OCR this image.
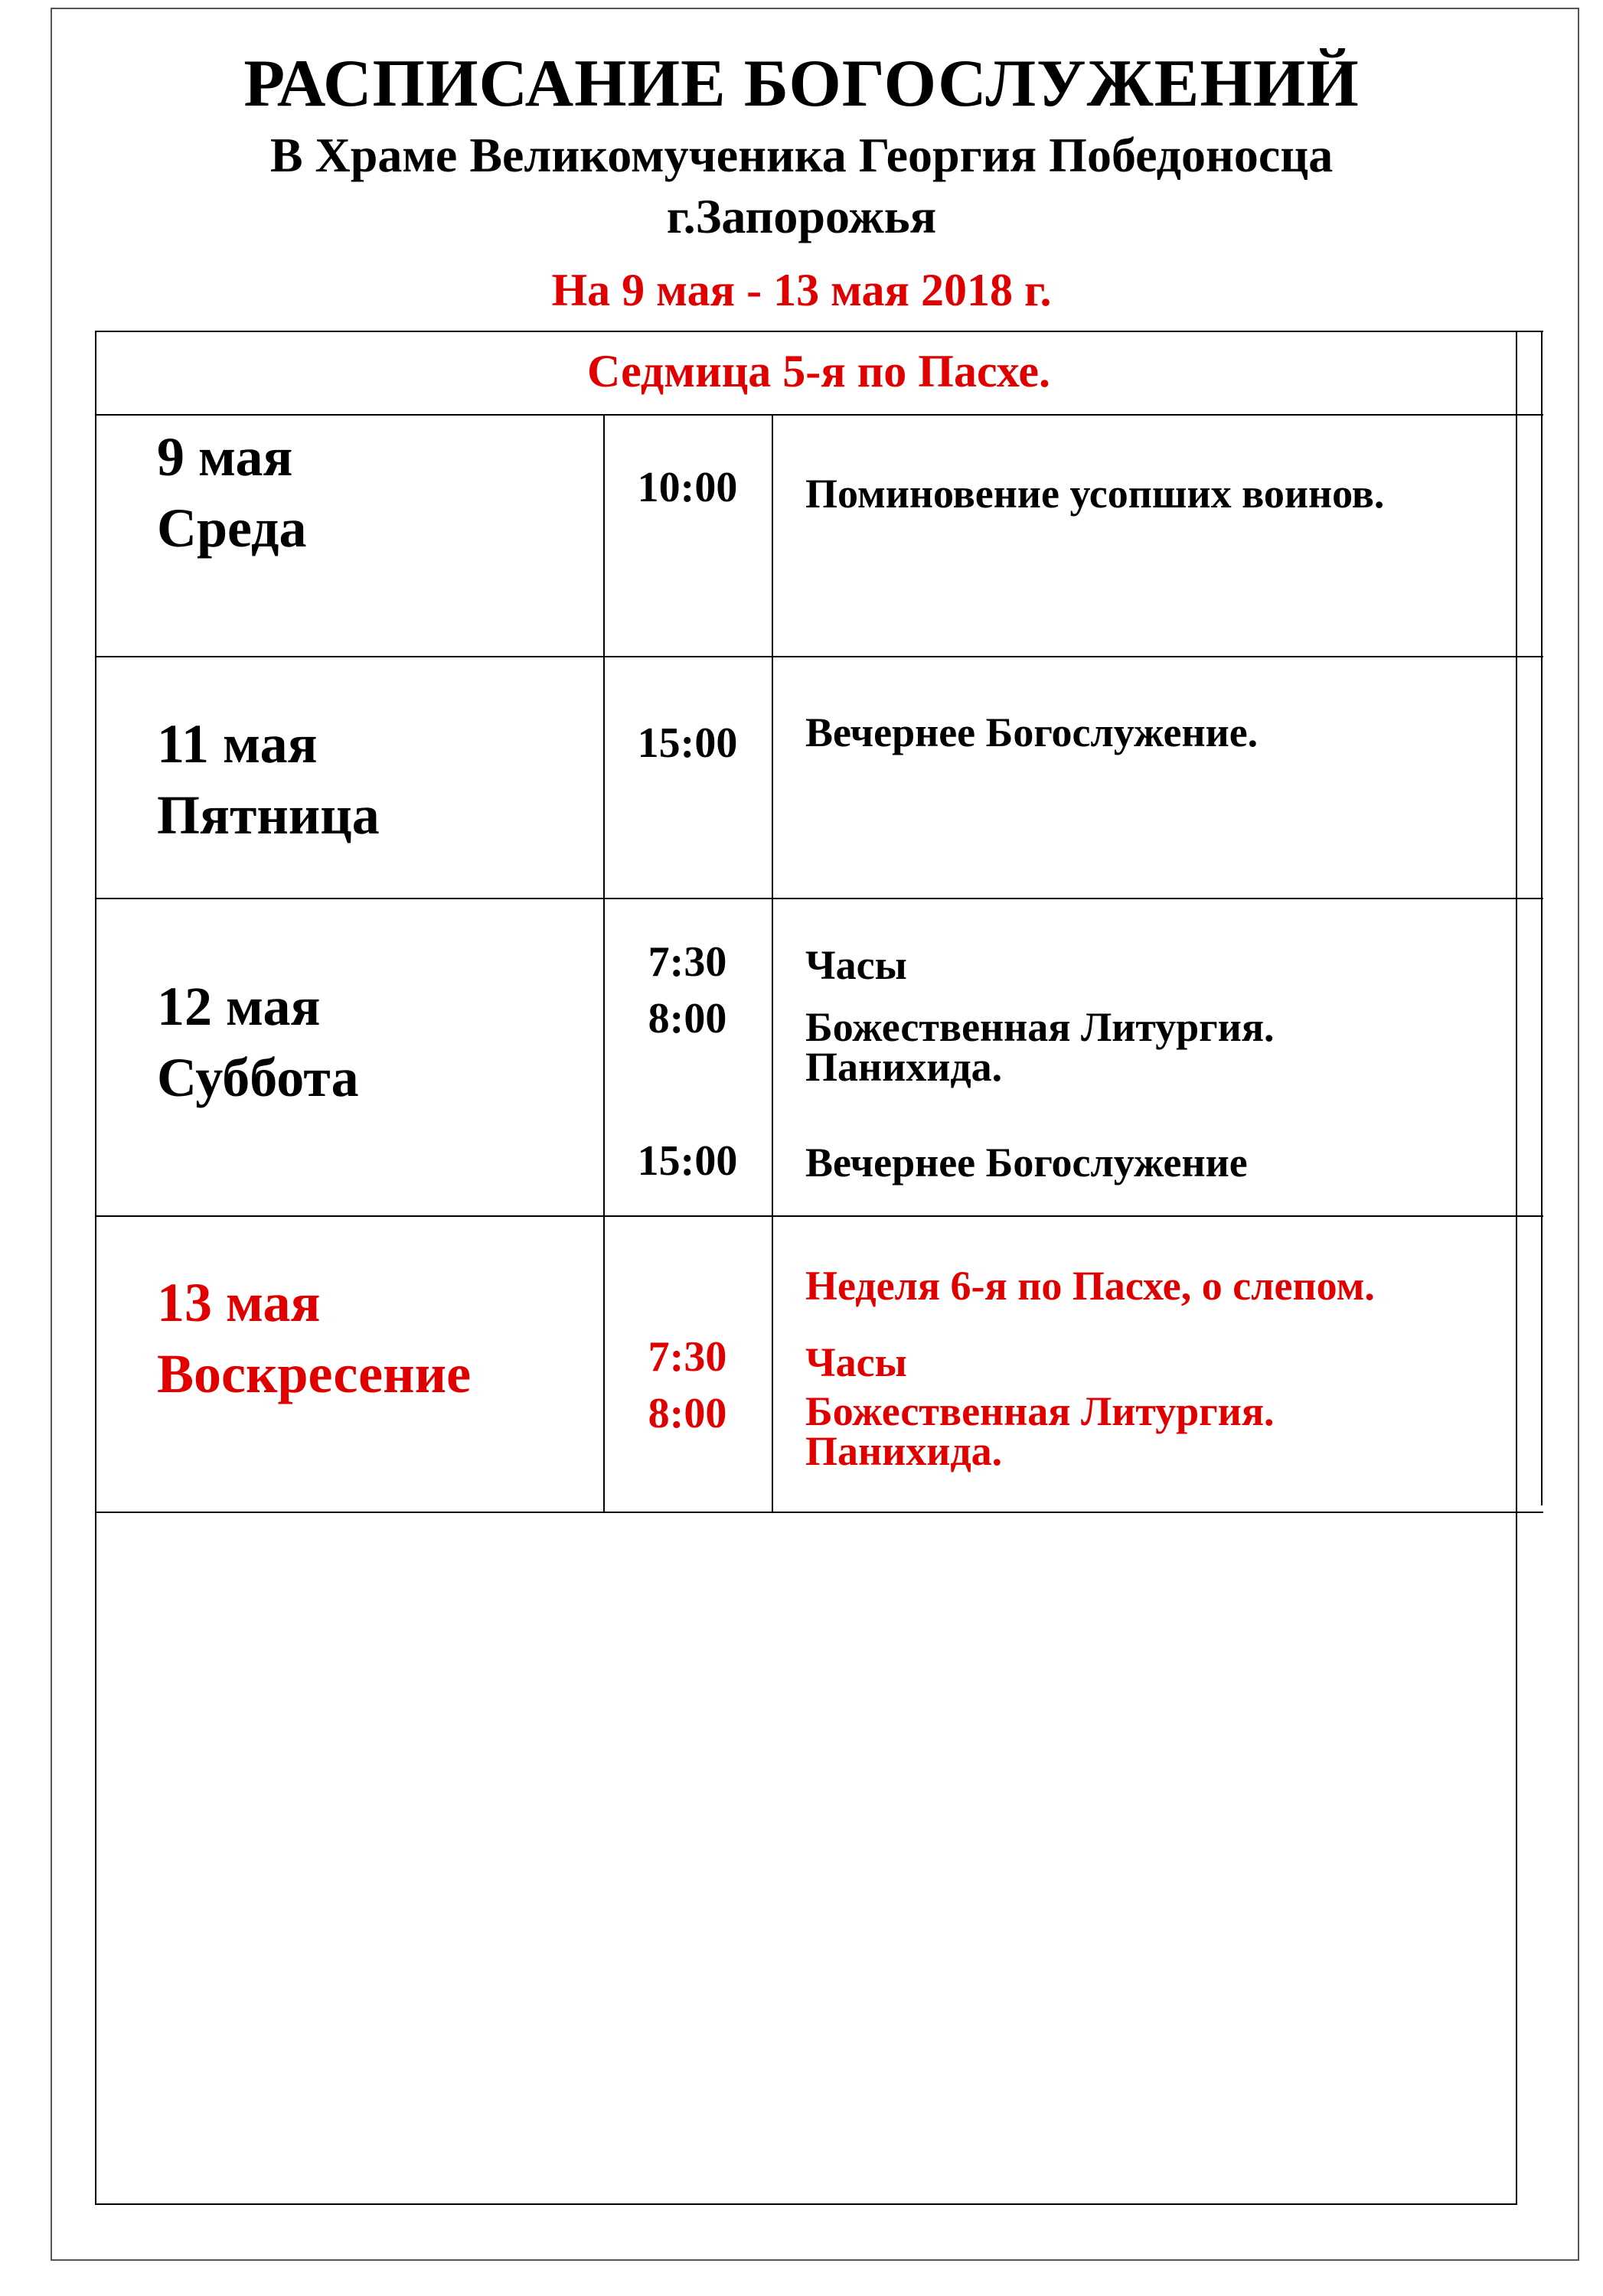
РАСПИСАНИЕ БОГОСЛУЖЕНИЙ
В Храме Великомученика Георгия Победоносца
г.Запорожья
На 9 мая - 13 мая 2018 г.
Седмица 5-я по Пасхе.
9 мая
Среда
10:00	Поминовение усопших воинов.
11 мая
Пятница
15:00	Вечернее Богослужение.
12 мая
Суббота
7:30
8:00
15:00
Часы
Божественная Литургия.
Панихида.
Вечернее Богослужение
13 мая
Воскресение
Неделя 6-я по Пасхе, о слепом.
7:30
8:00
Часы
Божественная Литургия.
Панихида.
